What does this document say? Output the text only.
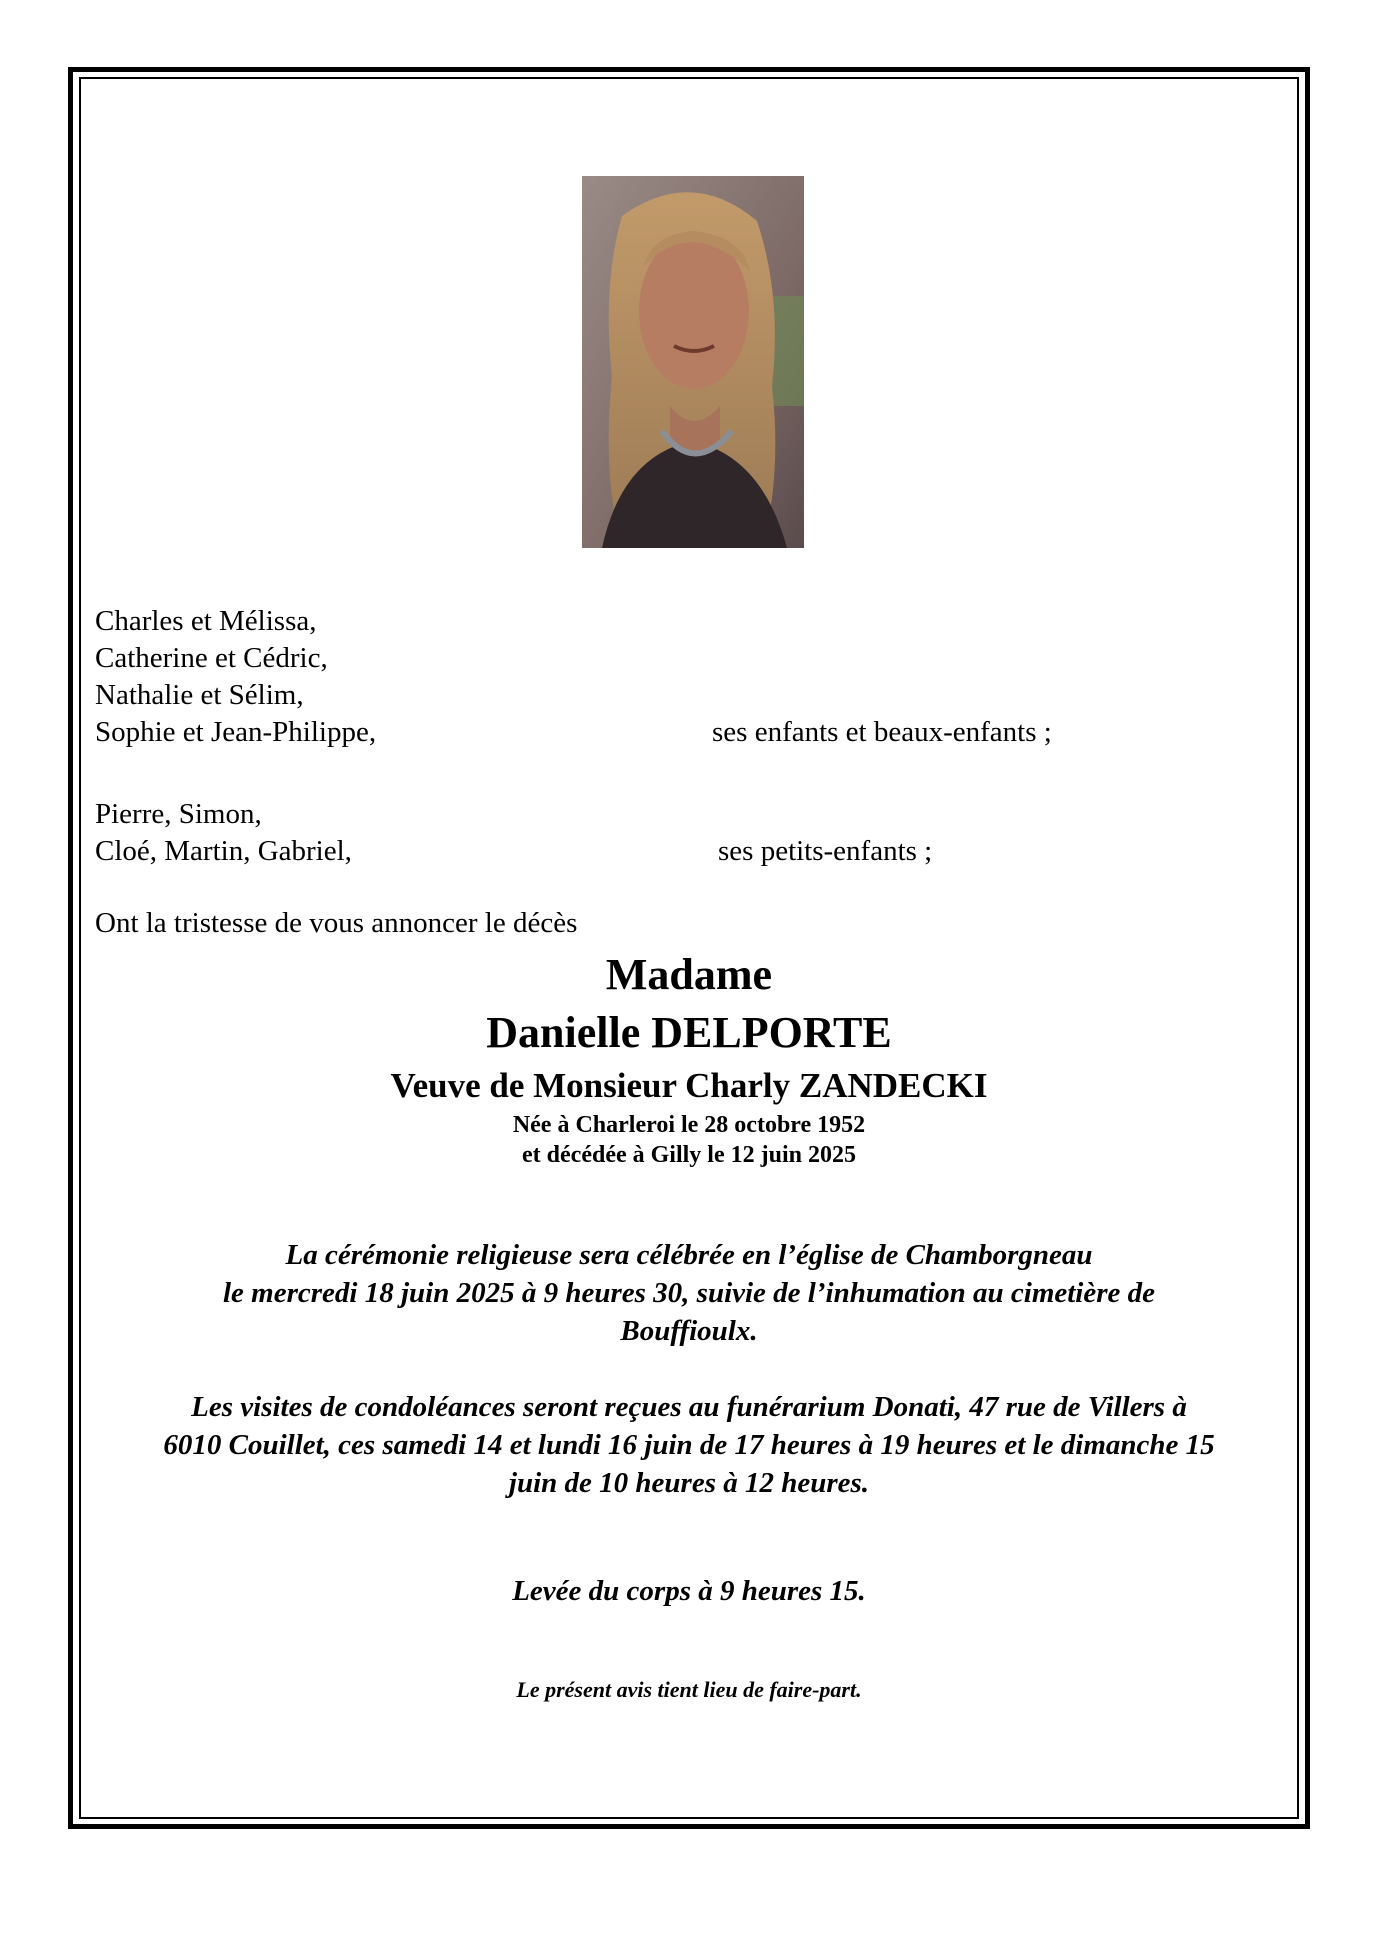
Charles et Mélissa,
Catherine et Cédric,
Nathalie et Sélim,
Sophie et Jean-Philippe,	ses enfants et beaux-enfants ;
Pierre, Simon,
Cloé, Martin, Gabriel,	ses petits-enfants ;
Ont la tristesse de vous annoncer le décès
Madame
Danielle DELPORTE
Veuve de Monsieur Charly ZANDECKI
Née à Charleroi le 28 octobre 1952
et décédée à Gilly le 12 juin 2025
La cérémonie religieuse sera célébrée en l’église de Chamborgneau
le mercredi 18 juin 2025 à 9 heures 30, suivie de l’inhumation au cimetière de
Bouffioulx.
Les visites de condoléances seront reçues au funérarium Donati, 47 rue de Villers à
6010 Couillet, ces samedi 14 et lundi 16 juin de 17 heures à 19 heures et le dimanche 15
juin de 10 heures à 12 heures.
Levée du corps à 9 heures 15.
Le présent avis tient lieu de faire-part.
